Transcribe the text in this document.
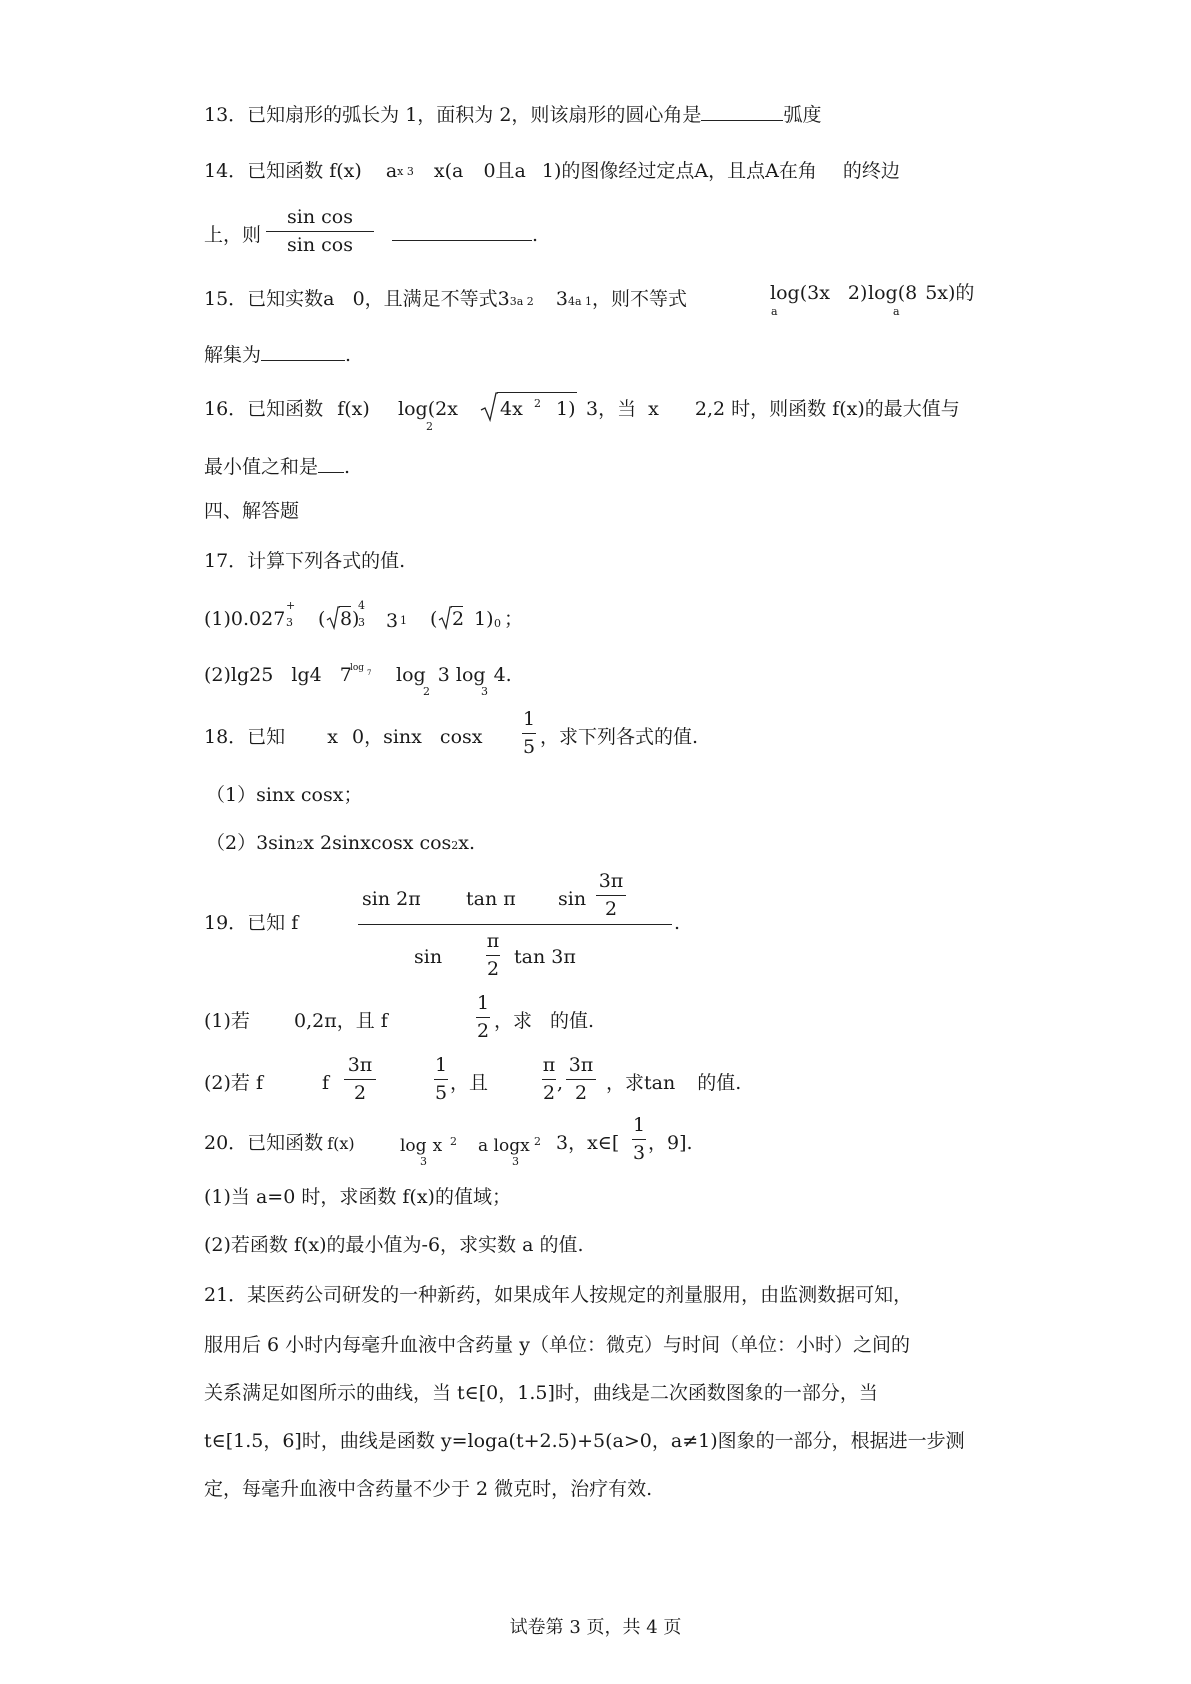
13．已知扇形的弧长为 1，面积为 2，则该扇形的圆心角是	弧度
14．已知函数 f(x) ax 3 x(a 0且a 1)的图像经过定点A，且点A在角 的终边
上，则
sin cos
sin cos	.
15．已知实数a 0，且满足不等式33a 2 34a 1，则不等式	log(3x 2)
a
log(8 5x)的
a
解集为	.
16．已知函数 f(x) log(2x
2
4x 2 1) 3，当 x 2,2 时，则函数 f(x)的最大值与
最小值之和是 .
四、解答题
17．计算下列各式的值.
(1)0.027
+
3 ( 8 )
4
3 3 1 ( 2 1) 0 ；
(2)lg25 lg4 7
log 7 log 3 log 4.
2	3
18．已知 x 0，sinx cosx
1
5 ，求下列各式的值.
（1）sinx cosx；
（2）3sin2x 2sinxcosx cos2x.
19．已知 f
sin 2π tan π sin
3π
2
.
sin
π
2
tan 3π
(1)若 0,2π，且 f
1
2 ，求 的值.
(2)若 f	f
3π
2
1
5 ，且
π
2 ,
3π
2 ，求tan 的值.
20．已知函数 f(x)	log x
3
2 a logx
3
2 3，x∈[
1
3 ，9].
(1)当 a=0 时，求函数 f(x)的值域；
(2)若函数 f(x)的最小值为-6，求实数 a 的值.
21．某医药公司研发的一种新药，如果成年人按规定的剂量服用，由监测数据可知，
服用后 6 小时内每毫升血液中含药量 y（单位：微克）与时间（单位：小时）之间的
关系满足如图所示的曲线，当 t∈[0，1.5]时，曲线是二次函数图象的一部分，当
t∈[1.5，6]时，曲线是函数 y=loga(t+2.5)+5(a>0，a≠1)图象的一部分，根据进一步测
定，每毫升血液中含药量不少于 2 微克时，治疗有效.
试卷第 3 页，共 4 页
